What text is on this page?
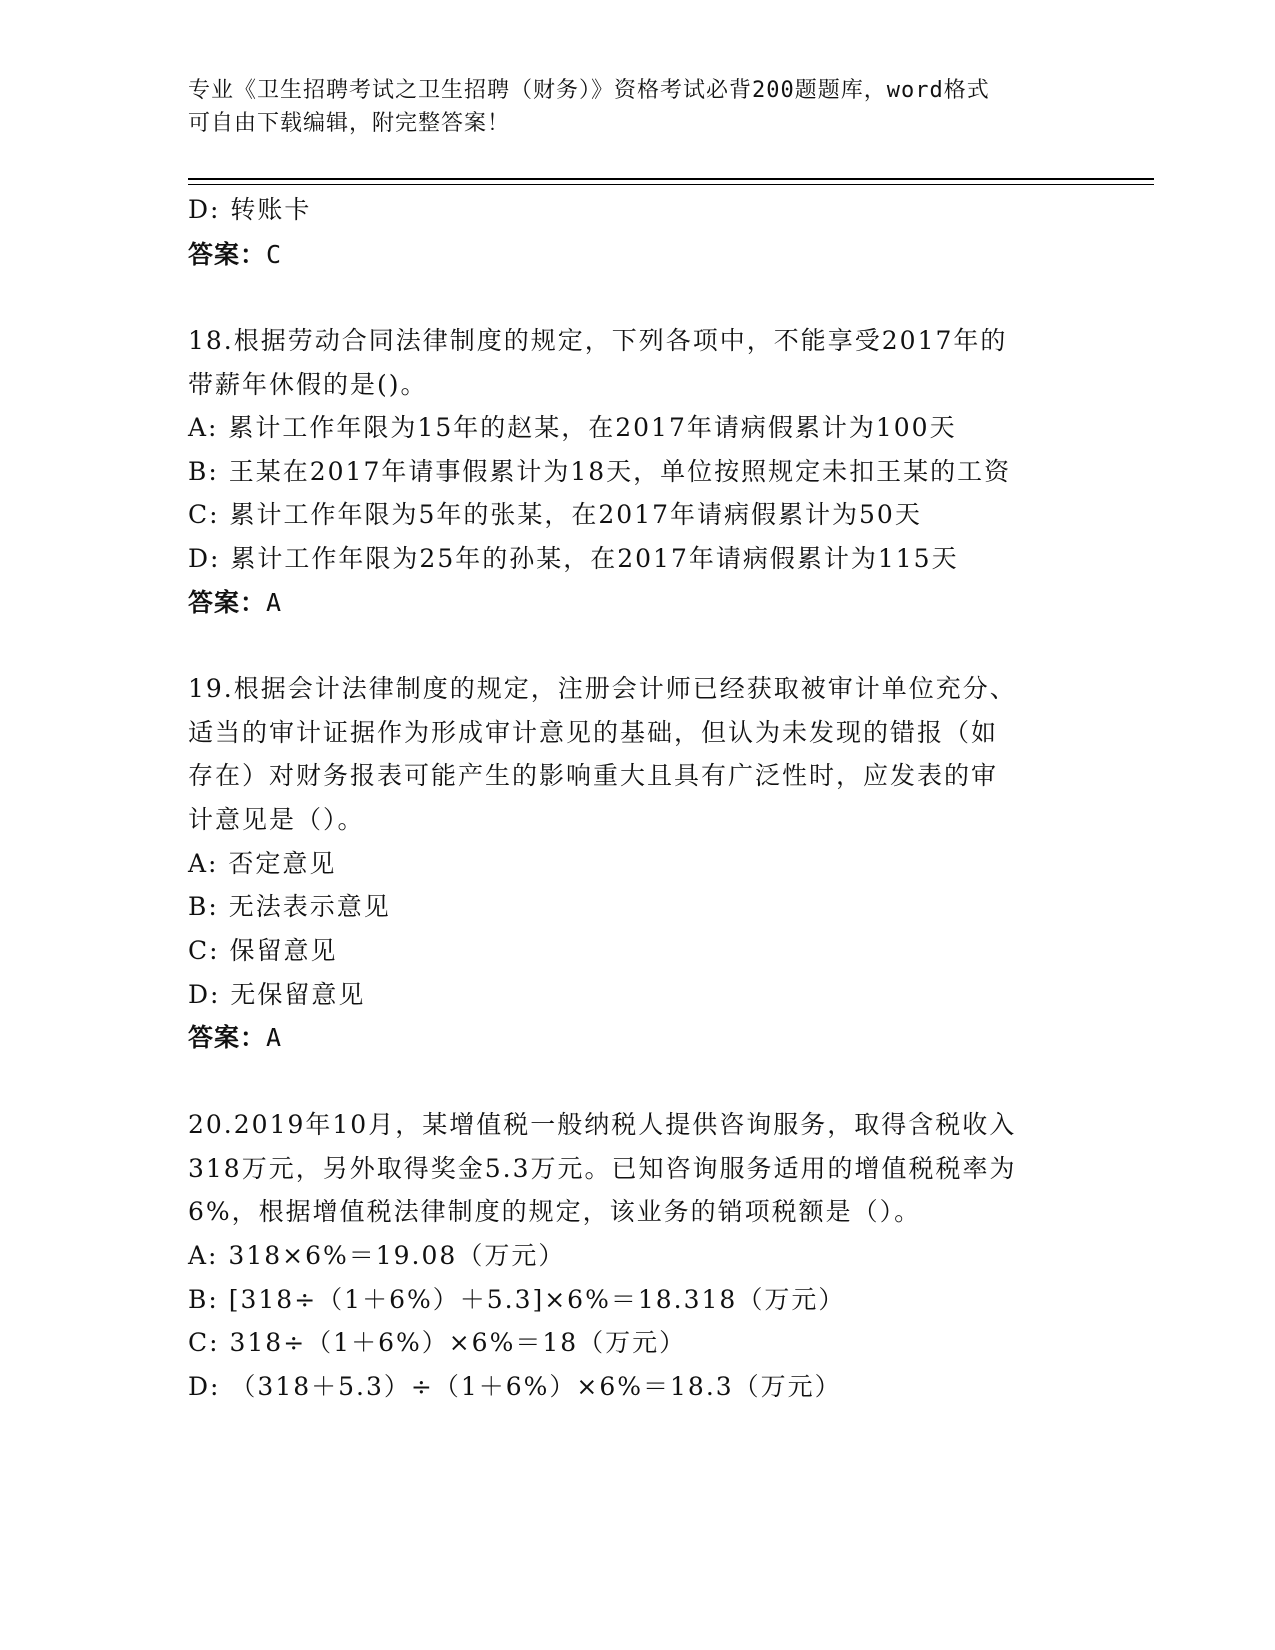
专业《卫生招聘考试之卫生招聘（财务）》资格考试必背200题题库，word格式
可自由下载编辑，附完整答案！
D: 转账卡
答案：C
18.根据劳动合同法律制度的规定，下列各项中，不能享受2017年的
带薪年休假的是()。
A: 累计工作年限为15年的赵某，在2017年请病假累计为100天
B: 王某在2017年请事假累计为18天，单位按照规定未扣王某的工资
C: 累计工作年限为5年的张某，在2017年请病假累计为50天
D: 累计工作年限为25年的孙某，在2017年请病假累计为115天
答案：A
19.根据会计法律制度的规定，注册会计师已经获取被审计单位充分、
适当的审计证据作为形成审计意见的基础，但认为未发现的错报（如
存在）对财务报表可能产生的影响重大且具有广泛性时，应发表的审
计意见是（）。
A: 否定意见
B: 无法表示意见
C: 保留意见
D: 无保留意见
答案：A
20.2019年10月，某增值税一般纳税人提供咨询服务，取得含税收入
318万元，另外取得奖金5.3万元。已知咨询服务适用的增值税税率为
6%，根据增值税法律制度的规定，该业务的销项税额是（）。
A: 318×6%＝19.08（万元）
B: [318÷（1＋6%）＋5.3]×6%＝18.318（万元）
C: 318÷（1＋6%）×6%＝18（万元）
D: （318＋5.3）÷（1＋6%）×6%＝18.3（万元）
